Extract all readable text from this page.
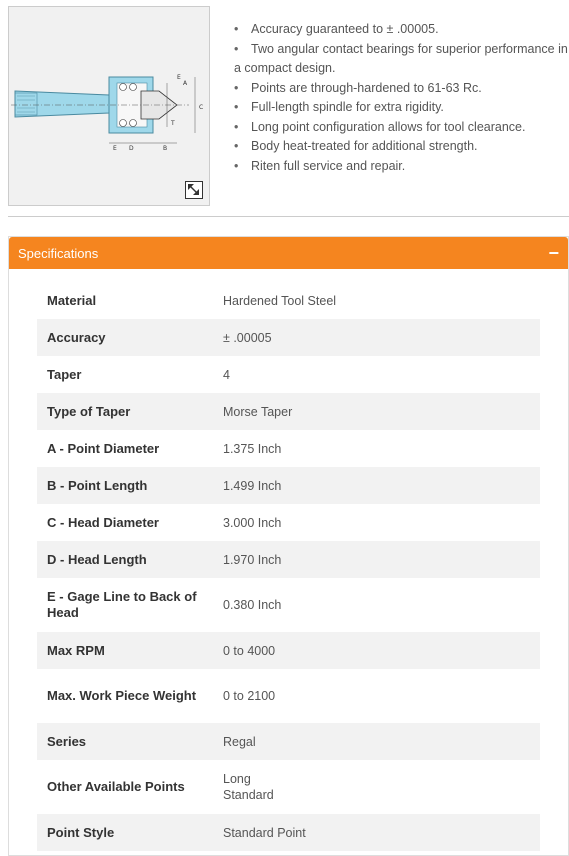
E
A
C
T
B
D
E
• Accuracy guaranteed to ± .00005.
• Two angular contact bearings for superior performance in a compact design.
• Points are through-hardened to 61-63 Rc.
• Full-length spindle for extra rigidity.
• Long point configuration allows for tool clearance.
• Body heat-treated for additional strength.
• Riten full service and repair.
Specifications	−
Material	Hardened Tool Steel
Accuracy	± .00005
Taper	4
Type of Taper	Morse Taper
A - Point Diameter	1.375 Inch
B - Point Length	1.499 Inch
C - Head Diameter	3.000 Inch
D - Head Length	1.970 Inch
E - Gage Line to Back of Head	0.380 Inch
Max RPM	0 to 4000
Max. Work Piece Weight	0 to 2100
Series	Regal
Other Available Points	Long
Standard
Point Style	Standard Point
